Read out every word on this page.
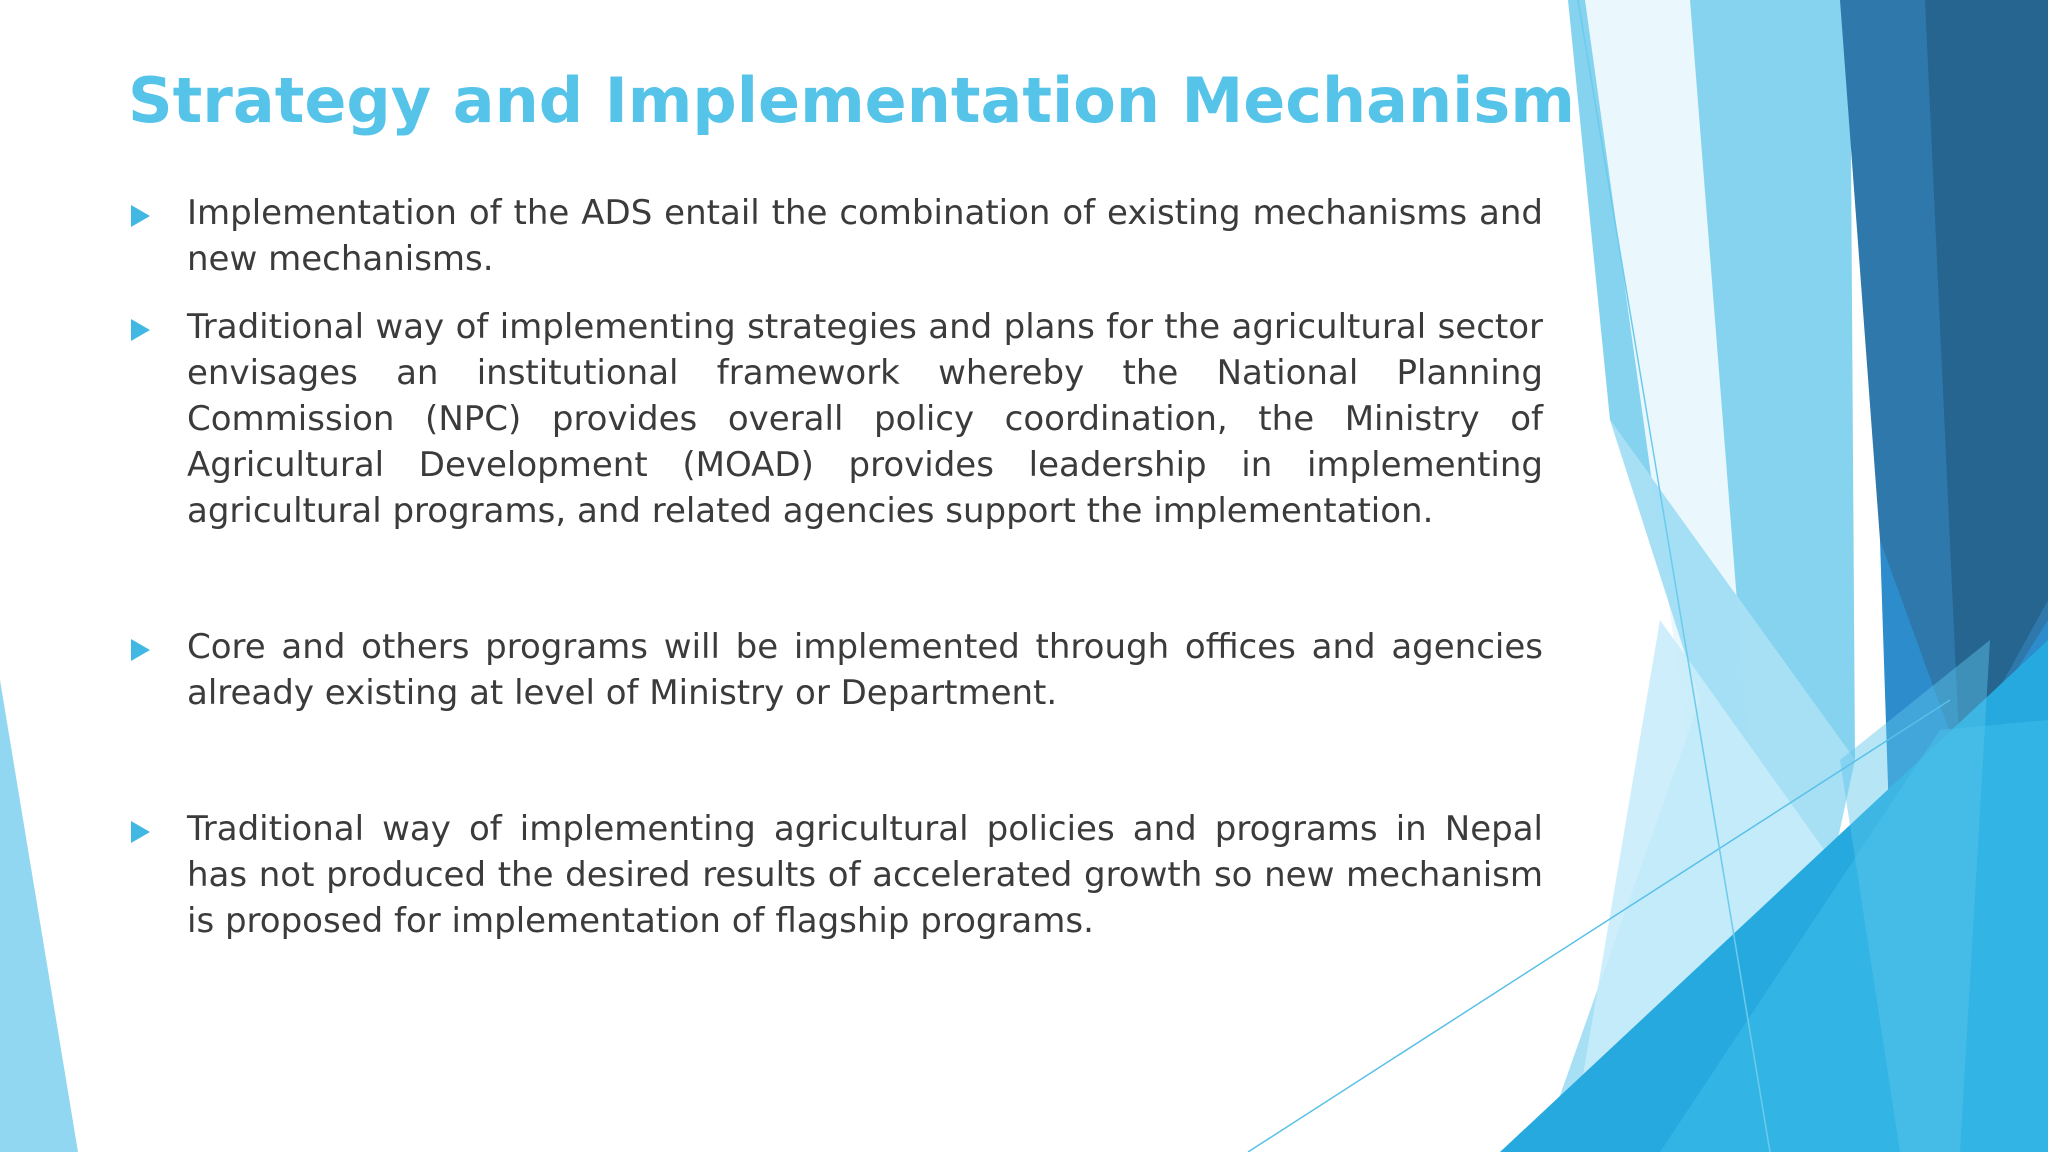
Strategy and Implementation Mechanism
Implementation of the ADS entail the combination of existing mechanisms and new mechanisms.
Traditional way of implementing strategies and plans for the agricultural sector envisages an institutional framework whereby the National Planning Commission (NPC) provides overall policy coordination, the Ministry of Agricultural Development (MOAD) provides leadership in implementing agricultural programs, and related agencies support the implementation.
Core and others programs will be implemented through offices and agencies already existing at level of Ministry or Department.
Traditional way of implementing agricultural policies and programs in Nepal has not produced the desired results of accelerated growth so new mechanism is proposed for implementation of flagship programs.
